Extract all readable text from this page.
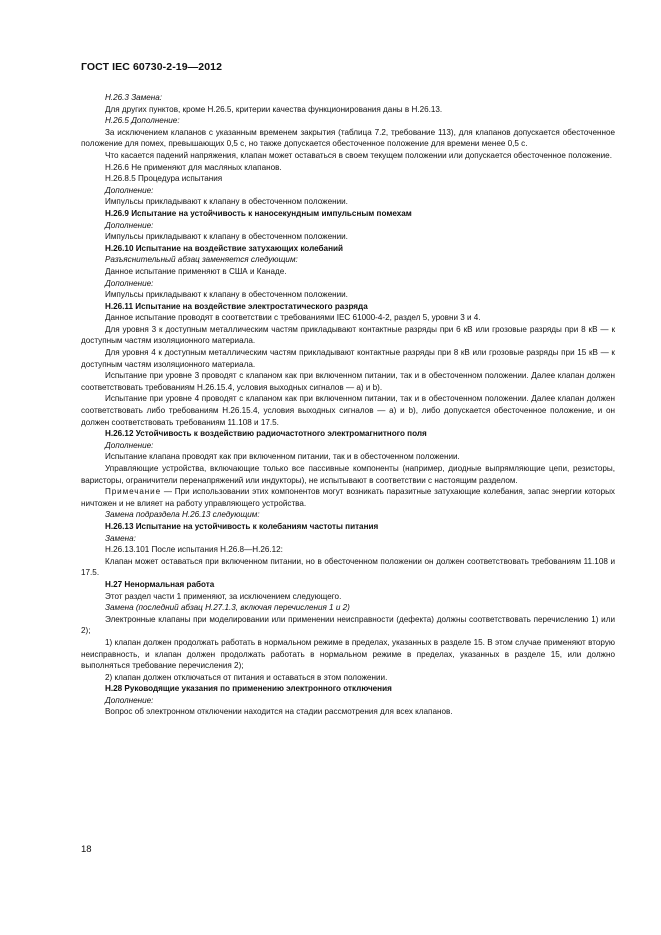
ГОСТ IEC 60730-2-19—2012

Н.26.3 Замена:

Для других пунктов, кроме Н.26.5, критерии качества функционирования даны в Н.26.13.

Н.26.5 Дополнение:

За исключением клапанов с указанным временем закрытия (таблица 7.2, требование 113), для клапанов допускается обесточенное положение для помех, превышающих 0,5 с, но также допускается обесточенное положение для времени менее 0,5 с.

Что касается падений напряжения, клапан может оставаться в своем текущем положении или допускается обесточенное положение.

Н.26.6 Не применяют для масляных клапанов.

Н.26.8.5 Процедура испытания

Дополнение:

Импульсы прикладывают к клапану в обесточенном положении.

Н.26.9 Испытание на устойчивость к наносекундным импульсным помехам

Дополнение:

Импульсы прикладывают к клапану в обесточенном положении.

Н.26.10 Испытание на воздействие затухающих колебаний

Разъяснительный абзац заменяется следующим:

Данное испытание применяют в США и Канаде.

Дополнение:

Импульсы прикладывают к клапану в обесточенном положении.

Н.26.11 Испытание на воздействие электростатического разряда

Данное испытание проводят в соответствии с требованиями IEC 61000-4-2, раздел 5, уровни 3 и 4.

Для уровня 3 к доступным металлическим частям прикладывают контактные разряды при 6 кВ или грозовые разряды при 8 кВ — к доступным частям изоляционного материала.

Для уровня 4 к доступным металлическим частям прикладывают контактные разряды при 8 кВ или грозовые разряды при 15 кВ — к доступным частям изоляционного материала.

Испытание при уровне 3 проводят с клапаном как при включенном питании, так и в обесточенном положении. Далее клапан должен соответствовать требованиям Н.26.15.4, условия выходных сигналов — а) и b).

Испытание при уровне 4 проводят с клапаном как при включенном питании, так и в обесточенном положении. Далее клапан должен соответствовать либо требованиям Н.26.15.4, условия выходных сигналов — а) и b), либо допускается обесточенное положение, и он должен соответствовать требованиям 11.108 и 17.5.

Н.26.12 Устойчивость к воздействию радиочастотного электромагнитного поля

Дополнение:

Испытание клапана проводят как при включенном питании, так и в обесточенном положении.

Управляющие устройства, включающие только все пассивные компоненты (например, диодные выпрямляющие цепи, резисторы, варисторы, ограничители перенапряжений или индукторы), не испытывают в соответствии с настоящим разделом.

Примечание — При использовании этих компонентов могут возникать паразитные затухающие колебания, запас энергии которых ничтожен и не влияет на работу управляющего устройства.

Замена подраздела Н.26.13 следующим:

Н.26.13 Испытание на устойчивость к колебаниям частоты питания

Замена:

Н.26.13.101 После испытания Н.26.8—Н.26.12:

Клапан может оставаться при включенном питании, но в обесточенном положении он должен соответствовать требованиям 11.108 и 17.5.

Н.27 Ненормальная работа

Этот раздел части 1 применяют, за исключением следующего.

Замена (последний абзац Н.27.1.3, включая перечисления 1 и 2)

Электронные клапаны при моделировании или применении неисправности (дефекта) должны соответствовать перечислению 1) или 2);

1) клапан должен продолжать работать в нормальном режиме в пределах, указанных в разделе 15. В этом случае применяют вторую неисправность, и клапан должен продолжать работать в нормальном режиме в пределах, указанных в разделе 15, или должно выполняться требование перечисления 2);

2) клапан должен отключаться от питания и оставаться в этом положении.

Н.28 Руководящие указания по применению электронного отключения

Дополнение:

Вопрос об электронном отключении находится на стадии рассмотрения для всех клапанов.

18
